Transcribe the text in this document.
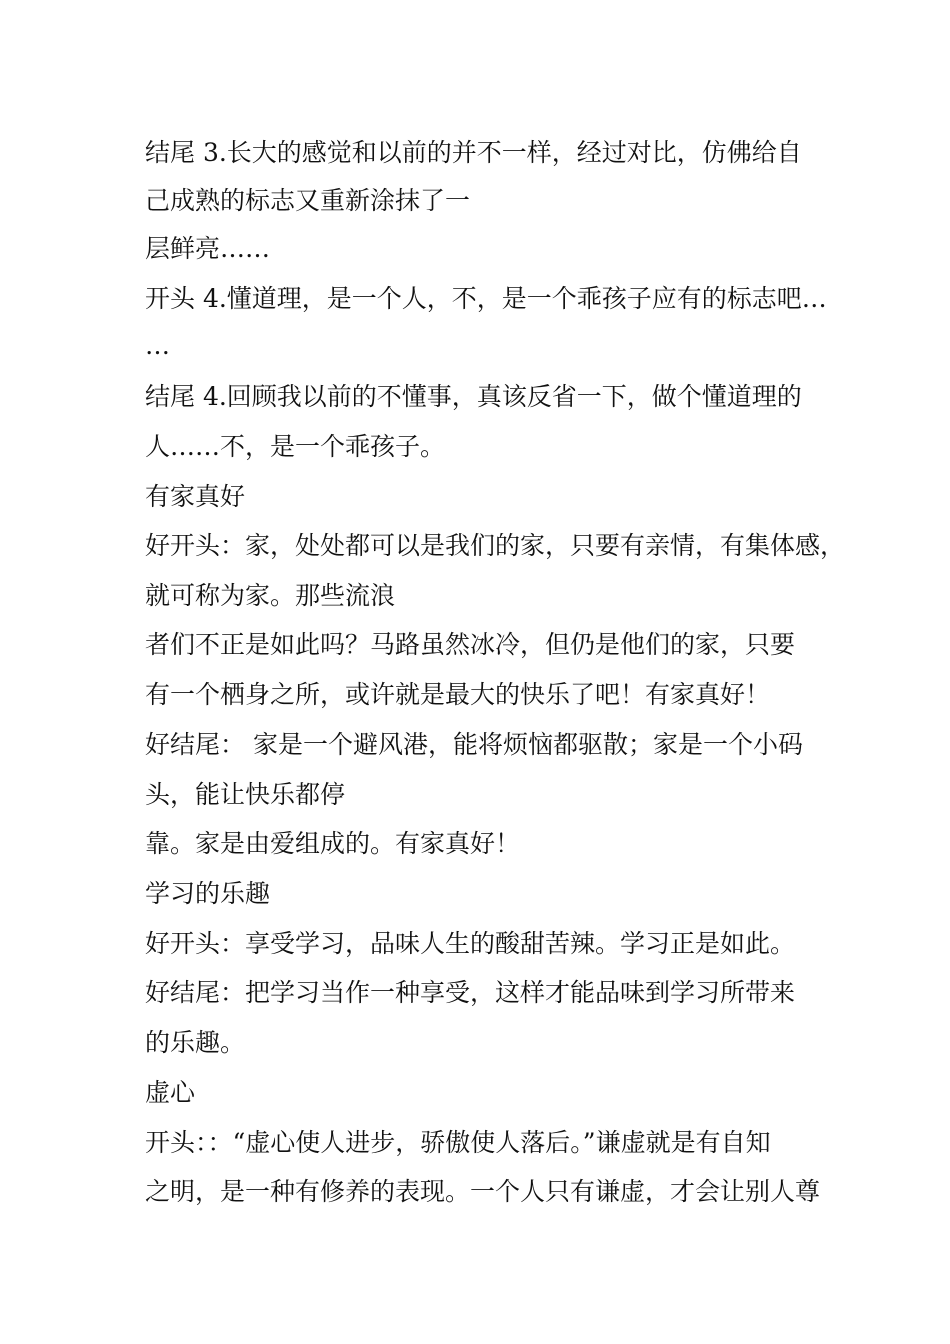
结尾 3.长大的感觉和以前的并不一样，经过对比，仿佛给自
己成熟的标志又重新涂抹了一
层鲜亮……
开头 4.懂道理，是一个人，不，是一个乖孩子应有的标志吧…
…
结尾 4.回顾我以前的不懂事，真该反省一下，做个懂道理的
人……不，是一个乖孩子。
有家真好
好开头：家，处处都可以是我们的家，只要有亲情，有集体感，
就可称为家。那些流浪
者们不正是如此吗？马路虽然冰冷，但仍是他们的家，只要
有一个栖身之所，或许就是最大的快乐了吧！有家真好！
好结尾： 家是一个避风港，能将烦恼都驱散；家是一个小码
头，能让快乐都停
靠。家是由爱组成的。有家真好！
学习的乐趣
好开头：享受学习，品味人生的酸甜苦辣。学习正是如此。
好结尾：把学习当作一种享受，这样才能品味到学习所带来
的乐趣。
虚心
开头：：“虚心使人进步，骄傲使人落后。”谦虚就是有自知
之明，是一种有修养的表现。一个人只有谦虚，才会让别人尊
